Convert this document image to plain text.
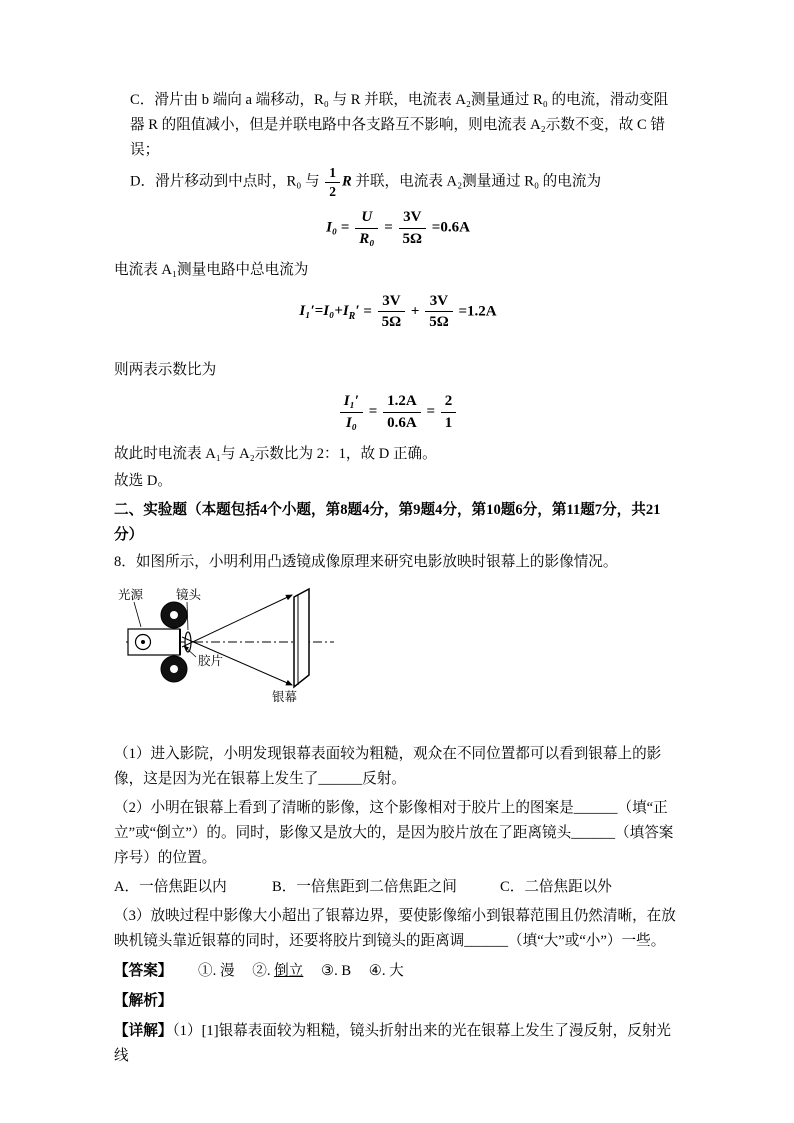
C．滑片由 b 端向 a 端移动，R₀ 与 R 并联，电流表 A₂测量通过 R₀ 的电流，滑动变阻器 R 的阻值减小，但是并联电路中各支路互不影响，则电流表 A₂示数不变，故 C 错误；

D．滑片移动到中点时，R₀ 与 $\frac{1}{2}$ R 并联，电流表 A₂测量通过 R₀ 的电流为

$I_0 = \frac{U}{\text{R₀}} = \frac{3V}{5\Omega} =0.6A$

电流表 A₁测量电路中总电流为

$I_1'=I_0+I_R' = \frac{3V}{5\Omega} + \frac{3V}{5\Omega} =1.2A$

则两表示数比为

$\frac{\text{I₁′}}{\text{I₀}} = \frac{1.2A}{0.6A} = \frac{2}{1}$

故此时电流表 A₁与 A₂示数比为 2：1，故 D 正确。

故选 D。

二、实验题（本题包括4个小题，第8题4分，第9题4分，第10题6分，第11题7分，共21分）

8．如图所示，小明利用凸透镜成像原理来研究电影放映时银幕上的影像情况。

光源	镜头
胶片
银幕

（1）进入影院，小明发现银幕表面较为粗糙，观众在不同位置都可以看到银幕上的影像，这是因为光在银幕上发生了______反射。

（2）小明在银幕上看到了清晰的影像，这个影像相对于胶片上的图案是______（填“正立”或“倒立”）的。同时，影像又是放大的，是因为胶片放在了距离镜头______（填答案序号）的位置。

A．一倍焦距以内	B．一倍焦距到二倍焦距之间	C．二倍焦距以外

（3）放映过程中影像大小超出了银幕边界，要使影像缩小到银幕范围且仍然清晰，在放映机镜头靠近银幕的同时，还要将胶片到镜头的距离调______（填“大”或“小”）一些。

【答案】 ①. 漫 ②. 倒立 ③. B ④. 大

【解析】

【详解】（1）[1]银幕表面较为粗糙，镜头折射出来的光在银幕上发生了漫反射，反射光线
